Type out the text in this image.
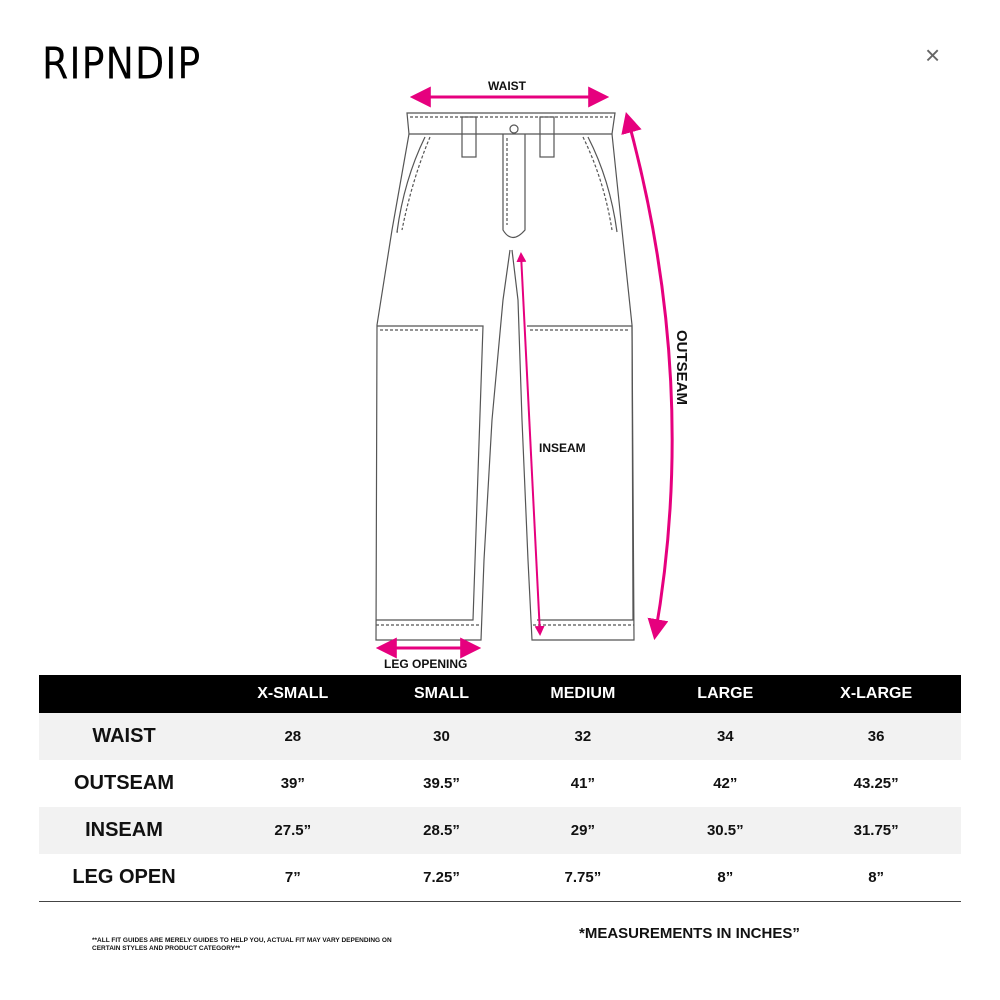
RIPNDIP	×
WAIST
OUTSEAM
INSEAM
LEG OPENING
	X-SMALL	SMALL	MEDIUM	LARGE	X-LARGE
WAIST	28	30	32	34	36
OUTSEAM	39”	39.5”	41”	42”	43.25”
INSEAM	27.5”	28.5”	29”	30.5”	31.75”
LEG OPEN	7”	7.25”	7.75”	8”	8”
**ALL FIT GUIDES ARE MERELY GUIDES TO HELP YOU, ACTUAL FIT MAY VARY DEPENDING ON CERTAIN STYLES AND PRODUCT CATEGORY**
*MEASUREMENTS IN INCHES”
